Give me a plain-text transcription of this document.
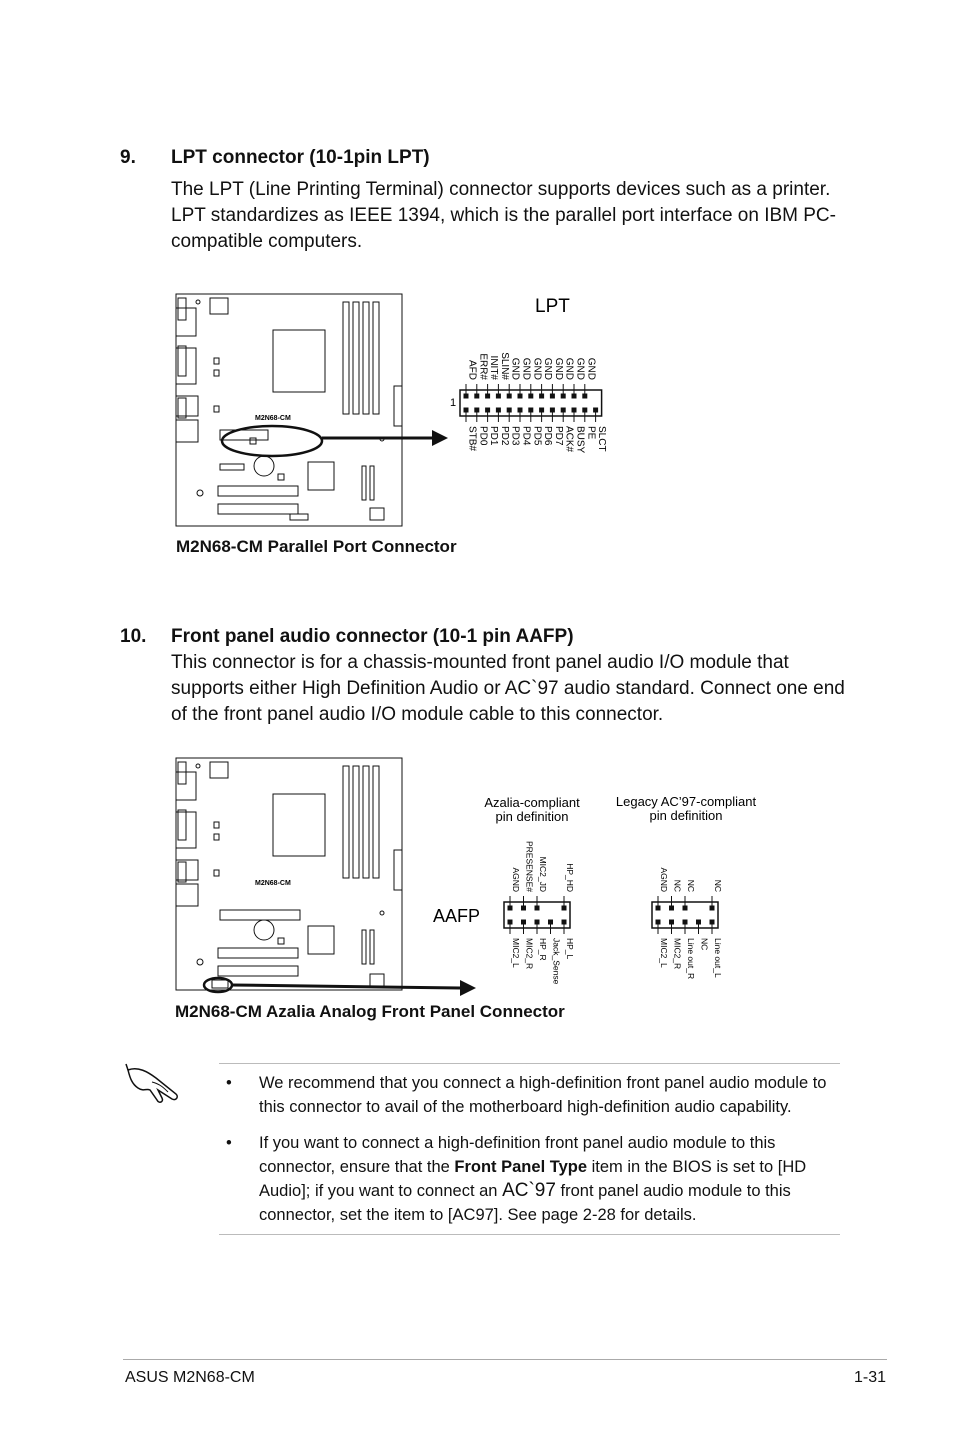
9. LPT connector (10-1pin LPT)
The LPT (Line Printing Terminal) connector supports devices such as a printer. LPT standardizes as IEEE 1394, which is the parallel port interface on IBM PC-compatible computers.
M2N68-CM
LPT
1
STB#
AFD
PD0
ERR#
PD1
INIT#
PD2
SLIN#
PD3
GND
PD4
GND
PD5
GND
PD6
GND
PD7
GND
ACK#
GND
BUSY
GND
PE
GND
SLCT
M2N68-CM Parallel Port Connector
10. Front panel audio connector (10-1 pin AAFP)
This connector is for a chassis-mounted front panel audio I/O module that supports either High Definition Audio or AC`97 audio standard. Connect one end of the front panel audio I/O module cable to this connector.
M2N68-CM
AAFP
Azalia-compliant
pin definition
MIC2_L
AGND
MIC2_R
PRESENSE#
HP_R
MIC2_JD
Jack_Sense HP_L
HP_HD
Legacy AC’97-compliant
pin definition
MIC2_L
AGND
MIC2_R
NC
Line out_R
NC
NC Line out_L
NC
M2N68-CM Azalia Analog Front Panel Connector
• We recommend that you connect a high-definition front panel audio module to this connector to avail of the motherboard high-definition audio capability.
• If you want to connect a high-definition front panel audio module to this connector, ensure that the Front Panel Type item in the BIOS is set to [HD Audio]; if you want to connect an AC`97 front panel audio module to this connector, set the item to [AC97]. See page 2-28 for details.
ASUS M2N68-CM	1-31
